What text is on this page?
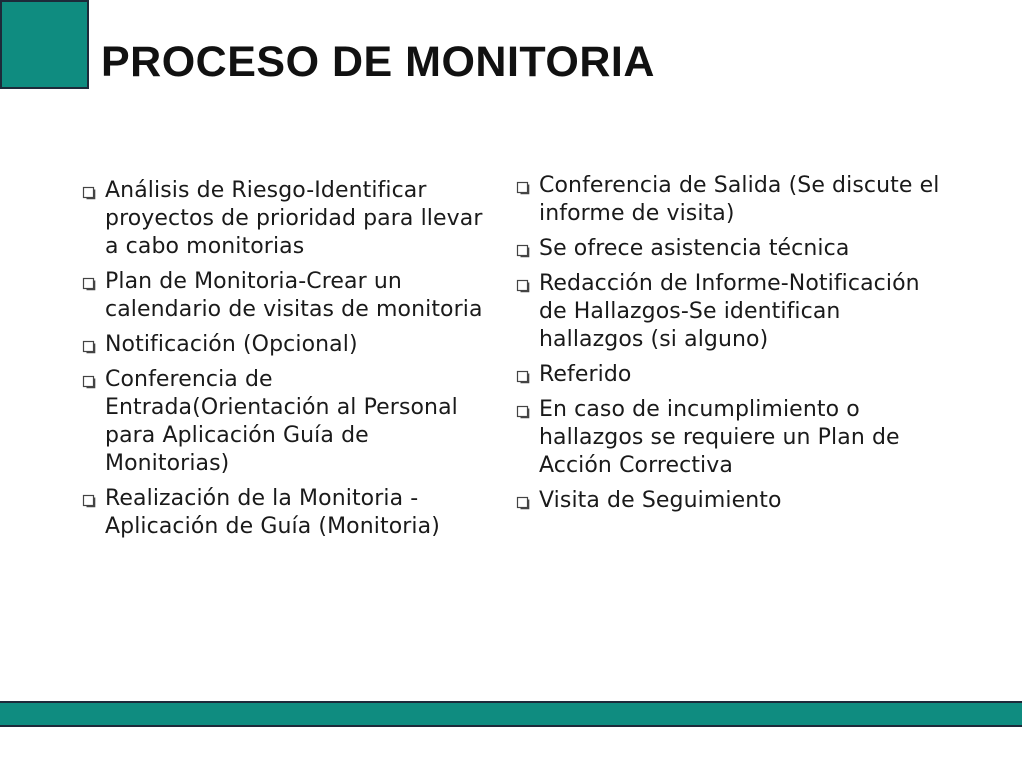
PROCESO DE MONITORIA
Análisis de Riesgo-Identificar proyectos de prioridad para llevar a cabo monitorias
Plan de Monitoria-Crear un calendario de visitas de monitoria
Notificación (Opcional)
Conferencia de Entrada(Orientación al Personal para Aplicación Guía de Monitorias)
Realización de la Monitoria - Aplicación de Guía (Monitoria)
Conferencia de Salida (Se discute el informe de visita)
Se ofrece asistencia técnica
Redacción de Informe-Notificación de Hallazgos-Se identifican hallazgos (si alguno)
Referido
En caso de incumplimiento o hallazgos se requiere un Plan de Acción Correctiva
Visita de Seguimiento
